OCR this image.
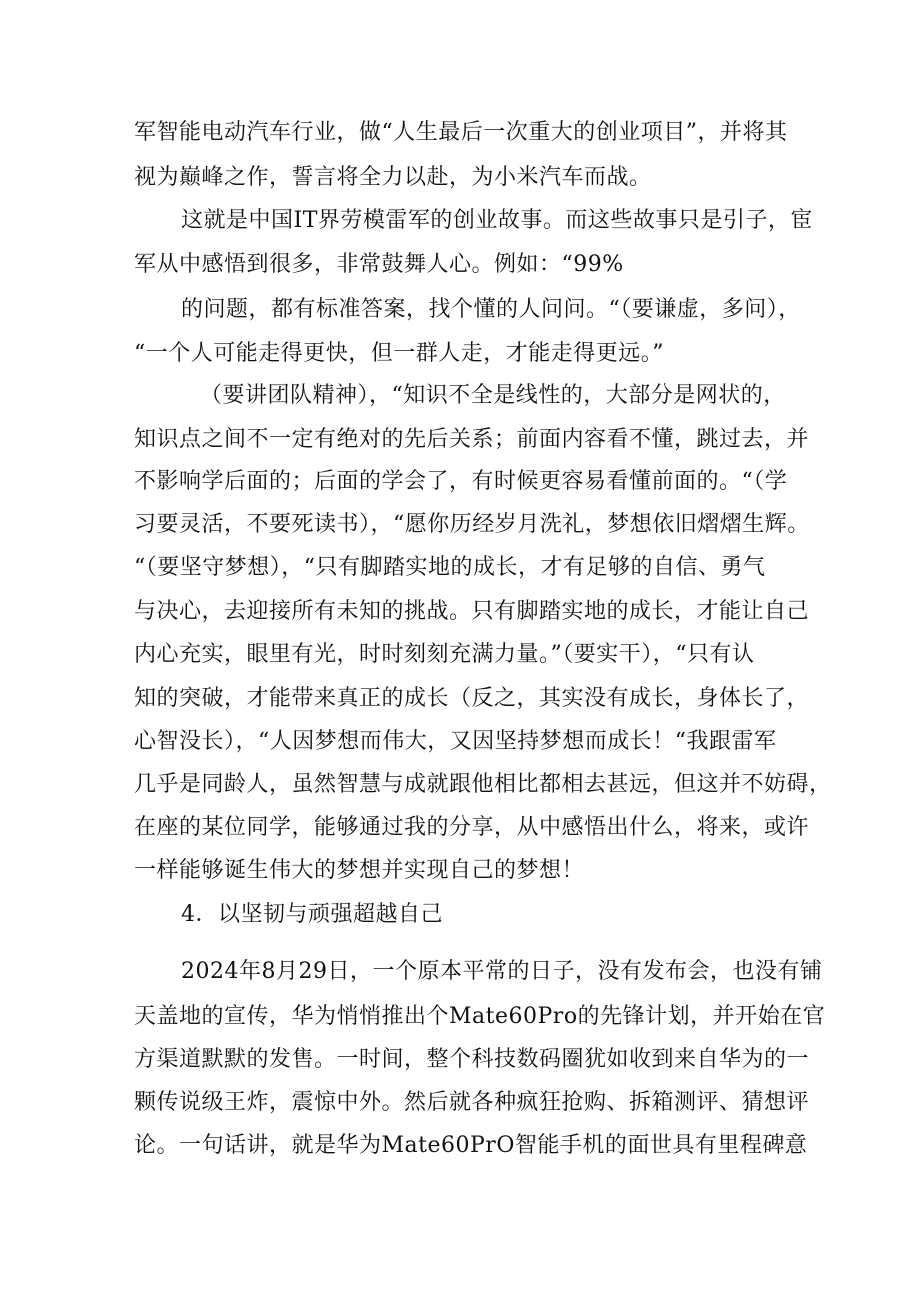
军智能电动汽车行业，做“人生最后一次重大的创业项目”，并将其
视为巅峰之作，誓言将全力以赴，为小米汽车而战。
这就是中国IT界劳模雷军的创业故事。而这些故事只是引子，宦
军从中感悟到很多，非常鼓舞人心。例如：“99%
的问题，都有标准答案，找个懂的人问问。“（要谦虚，多问），
“一个人可能走得更快，但一群人走，才能走得更远。”
（要讲团队精神），“知识不全是线性的，大部分是网状的，
知识点之间不一定有绝对的先后关系；前面内容看不懂，跳过去，并
不影响学后面的；后面的学会了，有时候更容易看懂前面的。“（学
习要灵活，不要死读书），“愿你历经岁月洗礼，梦想依旧熠熠生辉。
“（要坚守梦想），“只有脚踏实地的成长，才有足够的自信、勇气
与决心，去迎接所有未知的挑战。只有脚踏实地的成长，才能让自己
内心充实，眼里有光，时时刻刻充满力量。”（要实干），“只有认
知的突破，才能带来真正的成长（反之，其实没有成长，身体长了，
心智没长），“人因梦想而伟大，又因坚持梦想而成长！“我跟雷军
几乎是同龄人，虽然智慧与成就跟他相比都相去甚远，但这并不妨碍，
在座的某位同学，能够通过我的分享，从中感悟出什么，将来，或许
一样能够诞生伟大的梦想并实现自己的梦想！
4．以坚韧与顽强超越自己
2024年8月29日，一个原本平常的日子，没有发布会，也没有铺
天盖地的宣传，华为悄悄推出个Mate60Pro的先锋计划，并开始在官
方渠道默默的发售。一时间，整个科技数码圈犹如收到来自华为的一
颗传说级王炸，震惊中外。然后就各种疯狂抢购、拆箱测评、猜想评
论。一句话讲，就是华为Mate60PrO智能手机的面世具有里程碑意
